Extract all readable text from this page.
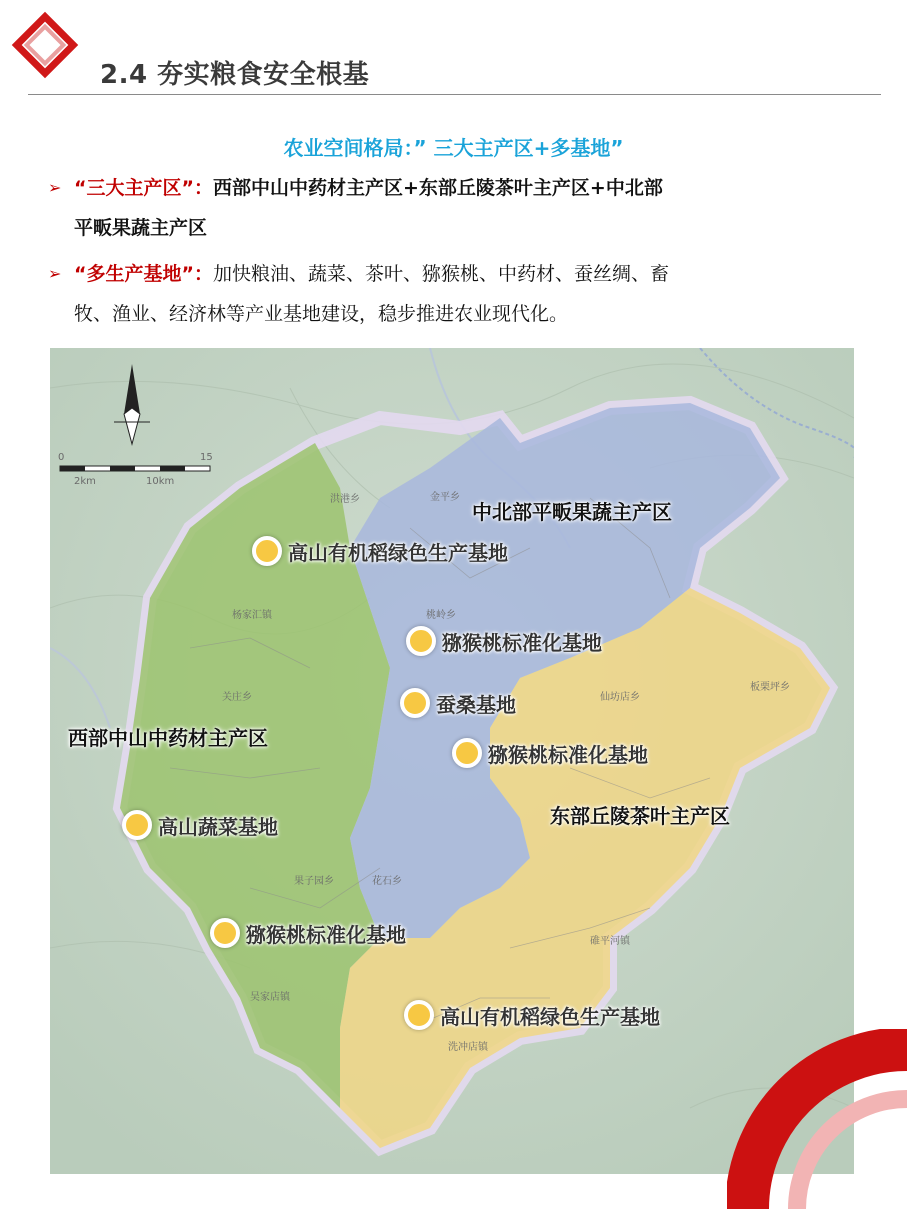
2.4 夯实粮食安全根基
农业空间格局：” 三大主产区+多基地”
➢ “三大主产区”：西部中山中药材主产区+东部丘陵茶叶主产区+中北部
平畈果蔬主产区
➢ “多生产基地”：加快粮油、蔬菜、茶叶、猕猴桃、中药材、蚕丝绸、畜
牧、渔业、经济林等产业基地建设，稳步推进农业现代化。
0	15
2km	10km
洪港乡	金平乡
杨家汇镇
关庄乡
桃岭乡
仙坊店乡
板栗坪乡
花石乡
果子园乡
吴家店镇
碓平河镇
洗冲店镇
中北部平畈果蔬主产区
西部中山中药材主产区
东部丘陵茶叶主产区
高山有机稻绿色生产基地
猕猴桃标准化基地
蚕桑基地
猕猴桃标准化基地
高山蔬菜基地
猕猴桃标准化基地
高山有机稻绿色生产基地
